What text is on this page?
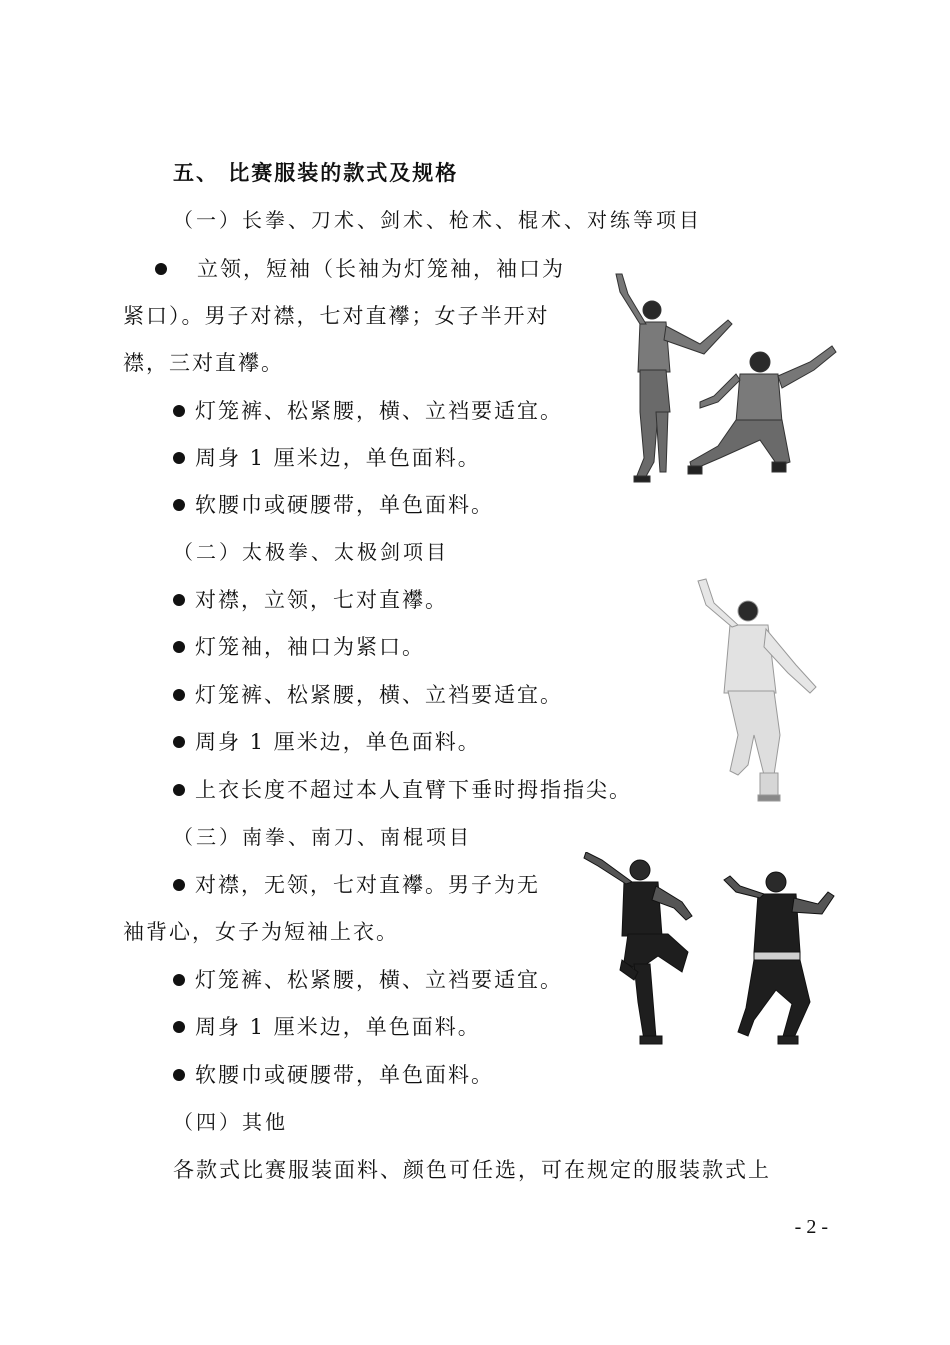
五、 比赛服装的款式及规格
（一）长拳、刀术、剑术、枪术、棍术、对练等项目
立领，短袖（长袖为灯笼袖，袖口为
紧口）。男子对襟，七对直襻；女子半开对
襟，三对直襻。
灯笼裤、松紧腰，横、立裆要适宜。
周身 1 厘米边，单色面料。
软腰巾或硬腰带，单色面料。
（二）太极拳、太极剑项目
对襟，立领，七对直襻。
灯笼袖，袖口为紧口。
灯笼裤、松紧腰，横、立裆要适宜。
周身 1 厘米边，单色面料。
上衣长度不超过本人直臂下垂时拇指指尖。
（三）南拳、南刀、南棍项目
对襟，无领，七对直襻。男子为无
袖背心，女子为短袖上衣。
灯笼裤、松紧腰，横、立裆要适宜。
周身 1 厘米边，单色面料。
软腰巾或硬腰带，单色面料。
（四）其他
各款式比赛服装面料、颜色可任选，可在规定的服装款式上
- 2 -
